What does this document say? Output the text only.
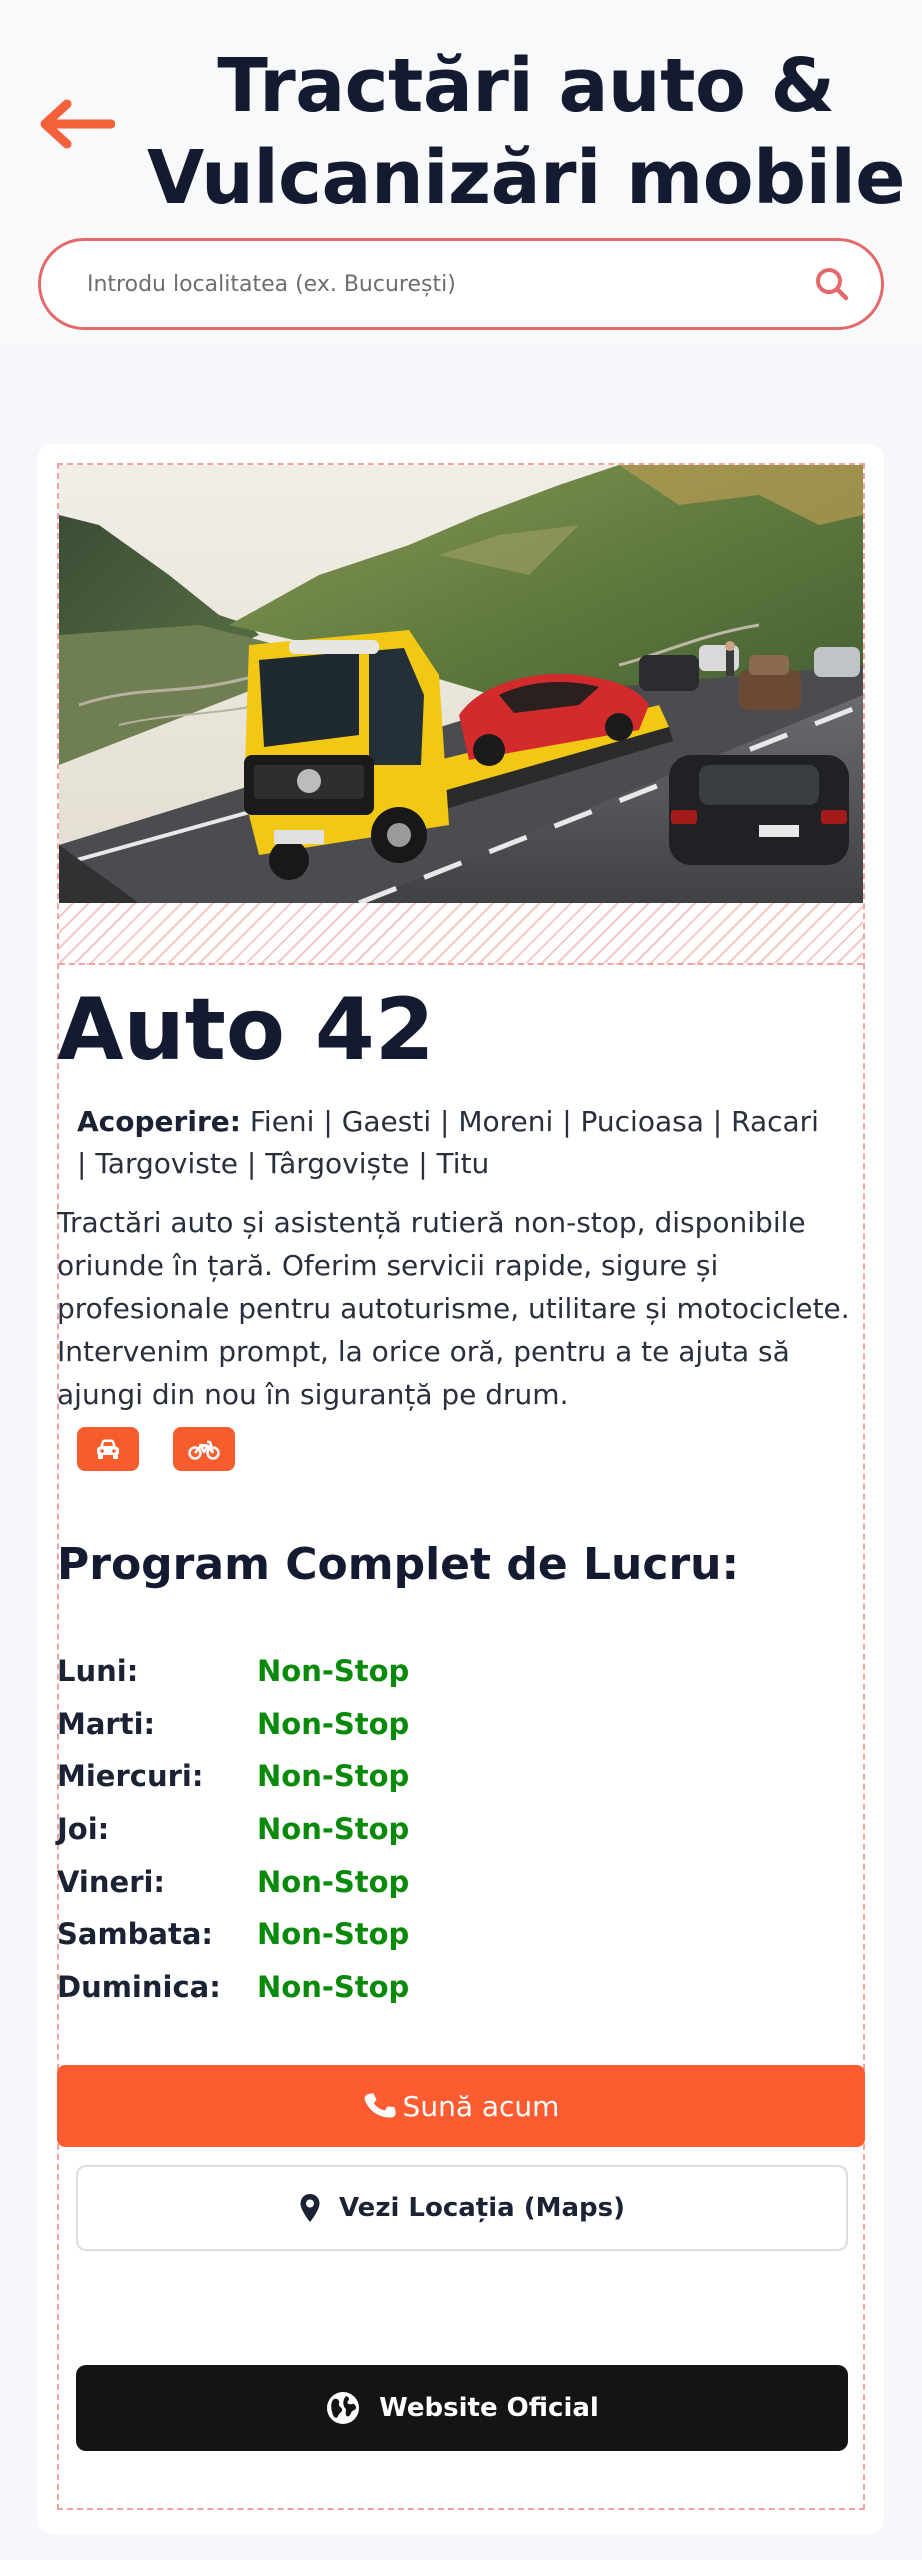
Tractări auto &
Vulcanizări mobile
Introdu localitatea (ex. București)
Auto 42

Acoperire: Fieni | Gaesti | Moreni | Pucioasa | Racari | Targoviste | Târgoviște | Titu

Tractări auto și asistență rutieră non-stop, disponibile oriunde în țară. Oferim servicii rapide, sigure și profesionale pentru autoturisme, utilitare și motociclete. Intervenim prompt, la orice oră, pentru a te ajuta să ajungi din nou în siguranță pe drum.

Program Complet de Lucru:
Luni:	Non-Stop
Marti:	Non-Stop
Miercuri:	Non-Stop
Joi:	Non-Stop
Vineri:	Non-Stop
Sambata:	Non-Stop
Duminica:	Non-Stop
Sună acum
Vezi Locația (Maps)
Website Oficial
